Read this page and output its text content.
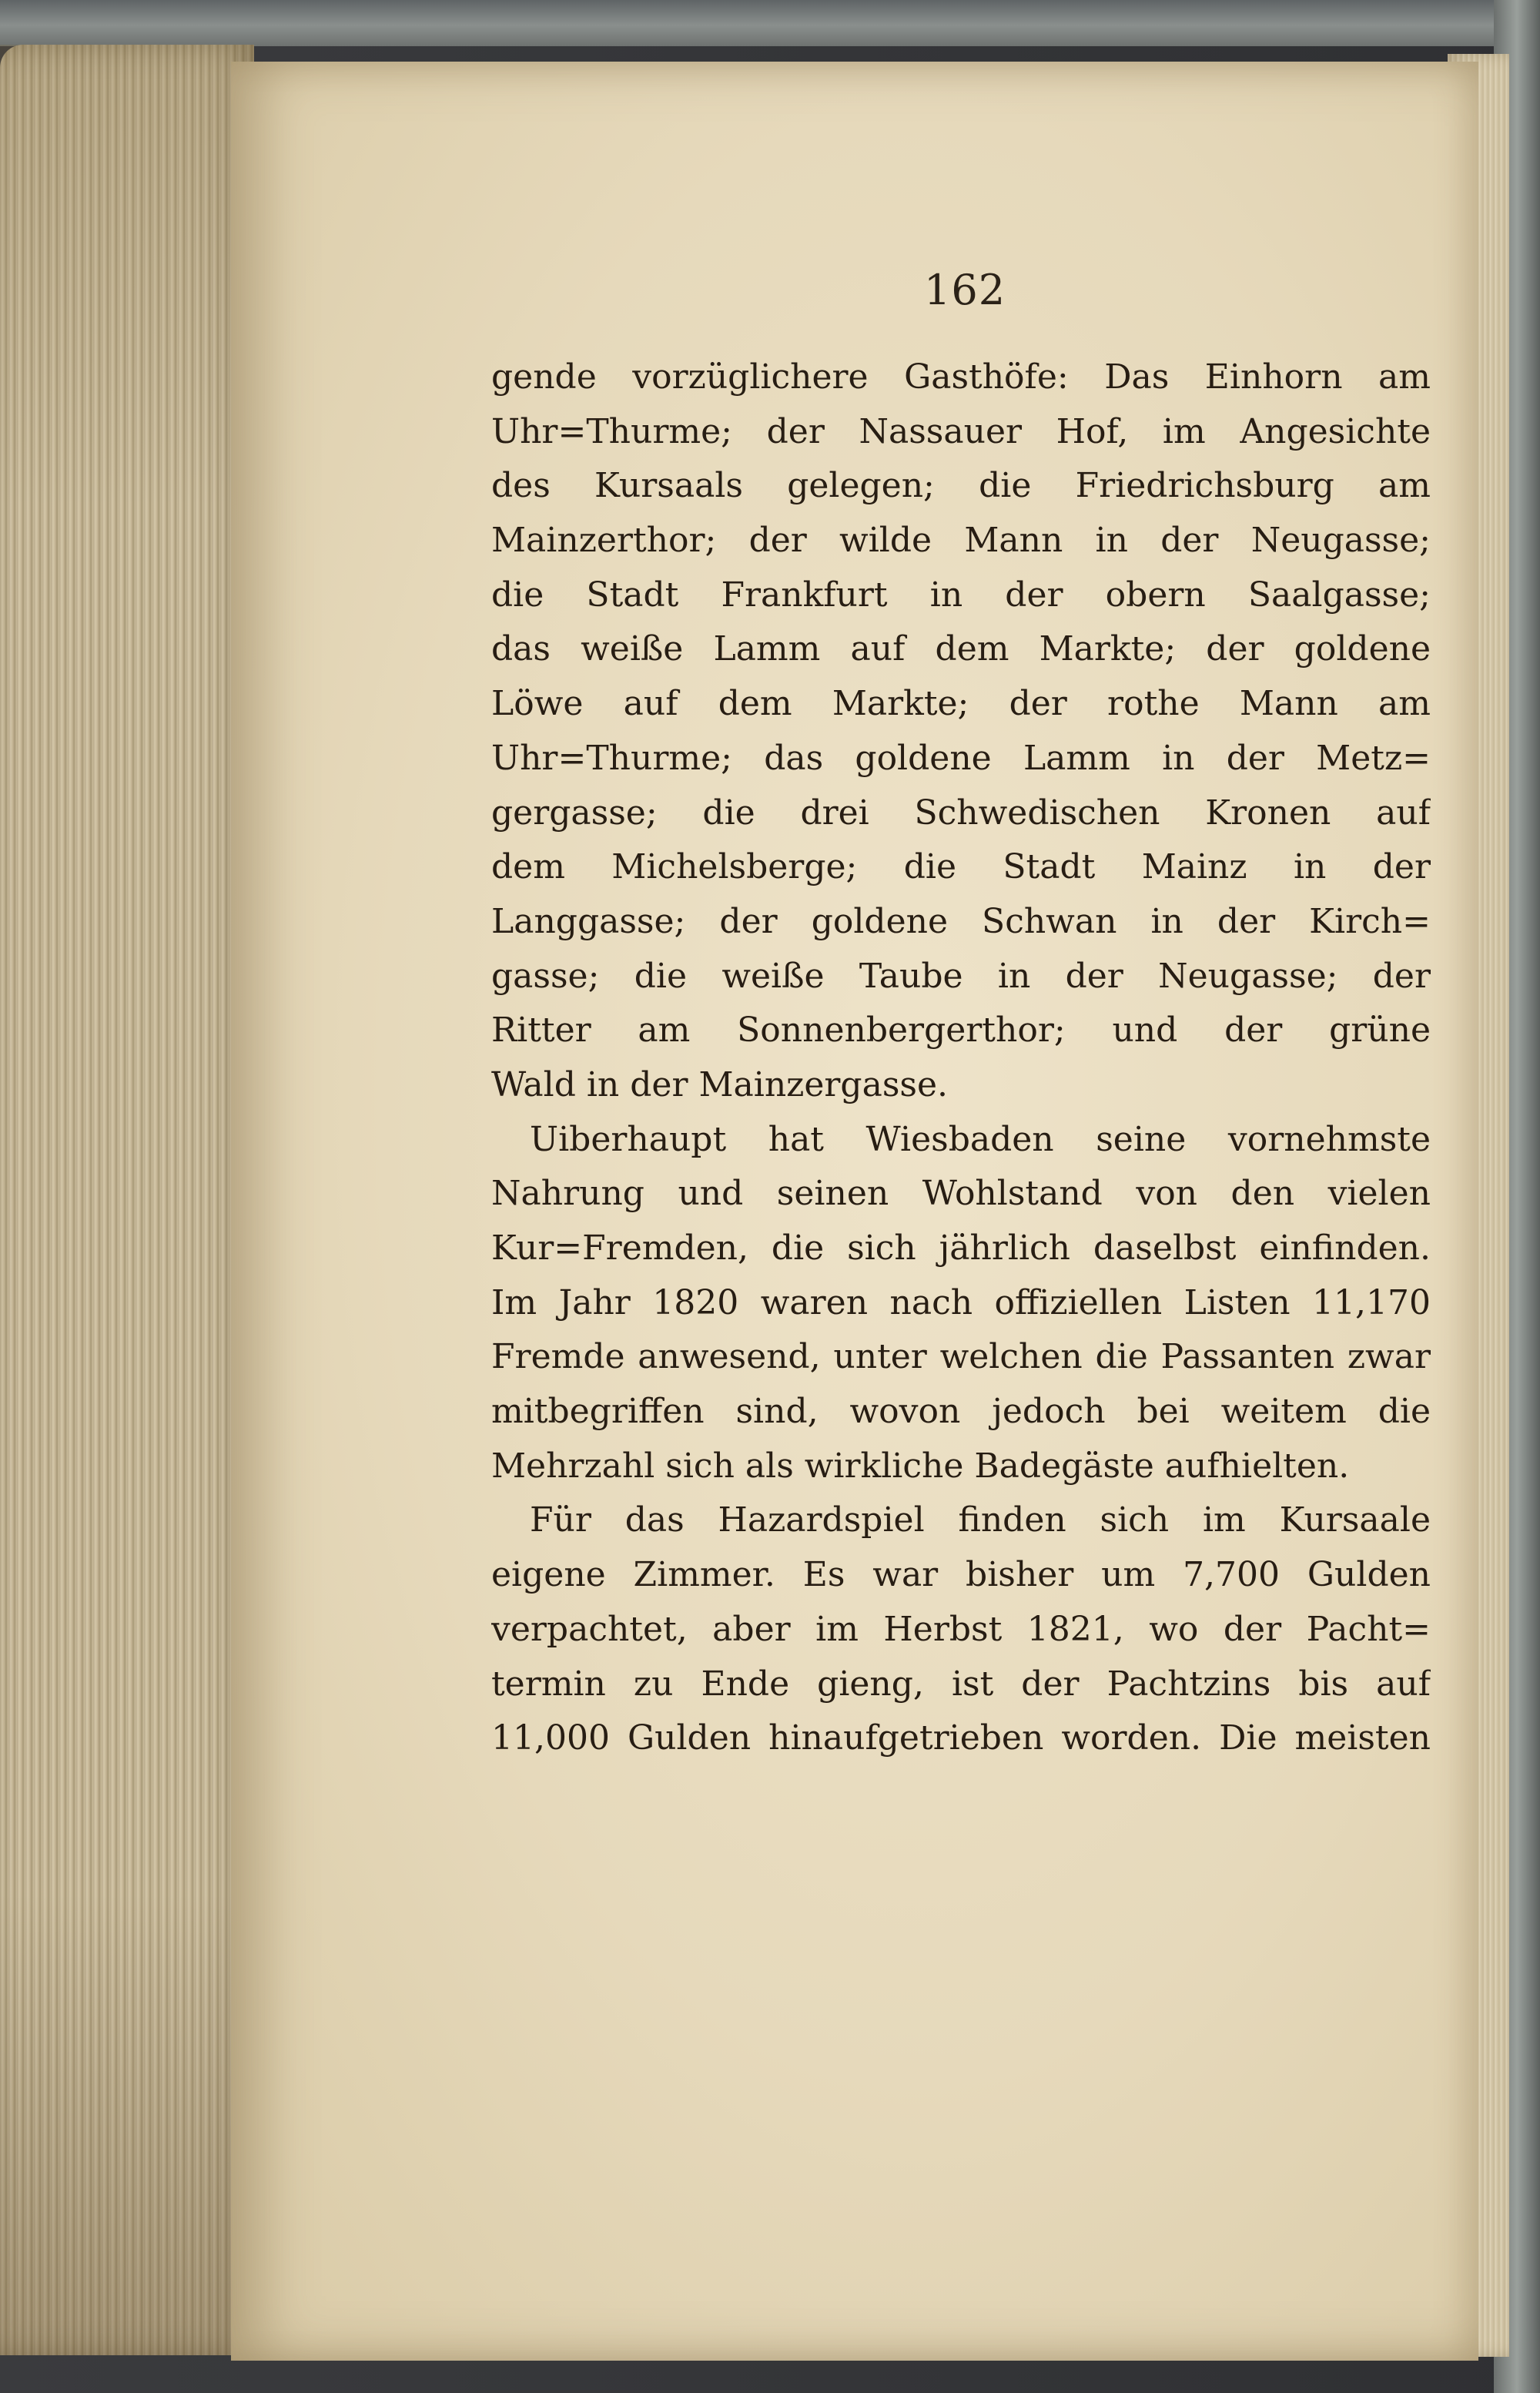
162
gende vorzüglichere Gasthöfe: Das Einhorn am
Uhr=Thurme; der Nassauer Hof, im Angesichte
des Kursaals gelegen; die Friedrichsburg am
Mainzerthor; der wilde Mann in der Neugasse;
die Stadt Frankfurt in der obern Saalgasse;
das weiße Lamm auf dem Markte; der goldene
Löwe auf dem Markte; der rothe Mann am
Uhr=Thurme; das goldene Lamm in der Metz=
gergasse; die drei Schwedischen Kronen auf
dem Michelsberge; die Stadt Mainz in der
Langgasse; der goldene Schwan in der Kirch=
gasse; die weiße Taube in der Neugasse; der
Ritter am Sonnenbergerthor; und der grüne
Wald in der Mainzergasse.
Uiberhaupt hat Wiesbaden seine vornehmste
Nahrung und seinen Wohlstand von den vielen
Kur=Fremden, die sich jährlich daselbst einfinden.
Im Jahr 1820 waren nach offiziellen Listen 11,170
Fremde anwesend, unter welchen die Passanten zwar
mitbegriffen sind, wovon jedoch bei weitem die
Mehrzahl sich als wirkliche Badegäste aufhielten.
Für das Hazardspiel finden sich im Kursaale
eigene Zimmer. Es war bisher um 7,700 Gulden
verpachtet, aber im Herbst 1821, wo der Pacht=
termin zu Ende gieng, ist der Pachtzins bis auf
11,000 Gulden hinaufgetrieben worden. Die meisten
